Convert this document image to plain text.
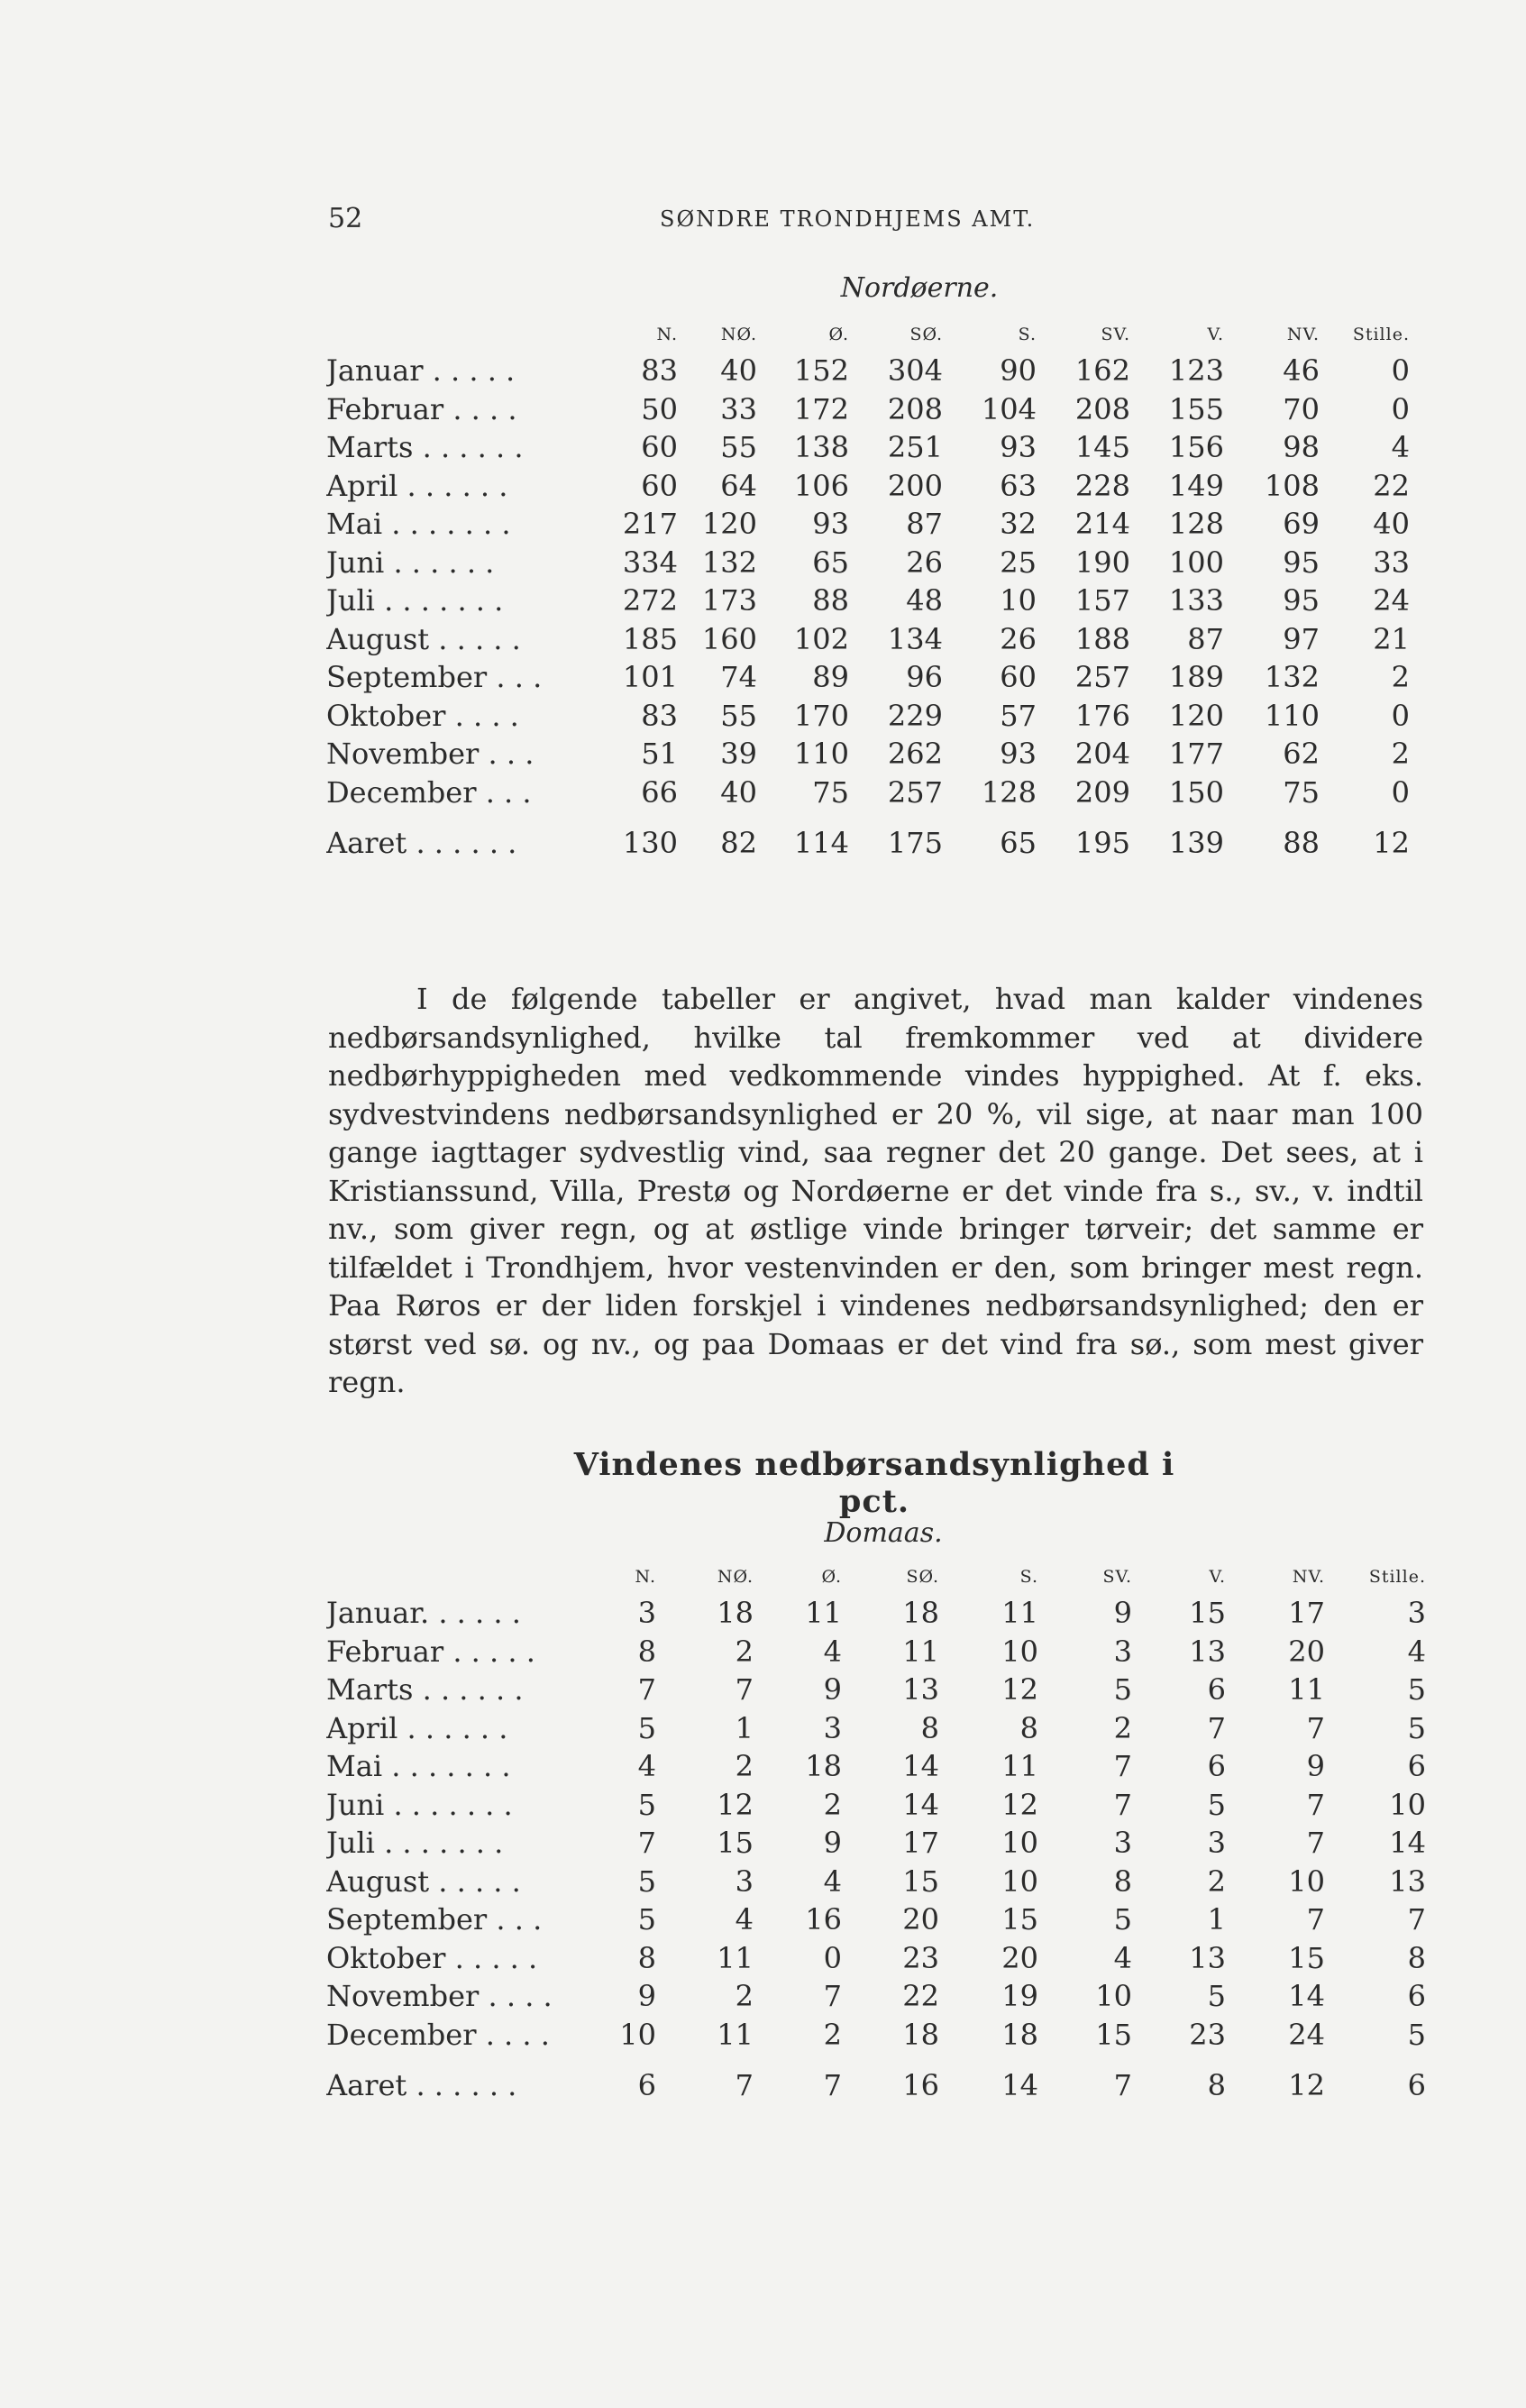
52	SØNDRE TRONDHJEMS AMT.
Nordøerne.
	N.	NØ.	Ø.	SØ.	S.	SV.	V.	NV.	Stille.
Januar . . . . .	83	40	152	304	90	162	123	46	0
Februar . . . .	50	33	172	208	104	208	155	70	0
Marts . . . . . .	60	55	138	251	93	145	156	98	4
April . . . . . .	60	64	106	200	63	228	149	108	22
Mai . . . . . . .	217	120	93	87	32	214	128	69	40
Juni . . . . . .	334	132	65	26	25	190	100	95	33
Juli . . . . . . .	272	173	88	48	10	157	133	95	24
August . . . . .	185	160	102	134	26	188	87	97	21
September . . .	101	74	89	96	60	257	189	132	2
Oktober . . . .	83	55	170	229	57	176	120	110	0
November . . .	51	39	110	262	93	204	177	62	2
December . . .	66	40	75	257	128	209	150	75	0
Aaret . . . . . .	130	82	114	175	65	195	139	88	12

I de følgende tabeller er angivet, hvad man kalder vindenes nedbørsandsynlighed, hvilke tal fremkommer ved at dividere nedbørhyppigheden med vedkommende vindes hyppighed. At f. eks. sydvestvindens nedbørsandsynlighed er 20 %, vil sige, at naar man 100 gange iagttager sydvestlig vind, saa regner det 20 gange. Det sees, at i Kristianssund, Villa, Prestø og Nordøerne er det vinde fra s., sv., v. indtil nv., som giver regn, og at østlige vinde bringer tørveir; det samme er tilfældet i Trondhjem, hvor vestenvinden er den, som bringer mest regn. Paa Røros er der liden forskjel i vindenes nedbørsandsynlighed; den er størst ved sø. og nv., og paa Domaas er det vind fra sø., som mest giver regn.

Vindenes nedbørsandsynlighed i pct.
Domaas.
	N.	NØ.	Ø.	SØ.	S.	SV.	V.	NV.	Stille.
Januar. . . . . .	3	18	11	18	11	9	15	17	3
Februar . . . . .	8	2	4	11	10	3	13	20	4
Marts . . . . . .	7	7	9	13	12	5	6	11	5
April . . . . . .	5	1	3	8	8	2	7	7	5
Mai . . . . . . .	4	2	18	14	11	7	6	9	6
Juni . . . . . . .	5	12	2	14	12	7	5	7	10
Juli . . . . . . .	7	15	9	17	10	3	3	7	14
August . . . . .	5	3	4	15	10	8	2	10	13
September . . .	5	4	16	20	15	5	1	7	7
Oktober . . . . .	8	11	0	23	20	4	13	15	8
November . . . .	9	2	7	22	19	10	5	14	6
December . . . .	10	11	2	18	18	15	23	24	5
Aaret . . . . . .	6	7	7	16	14	7	8	12	6
